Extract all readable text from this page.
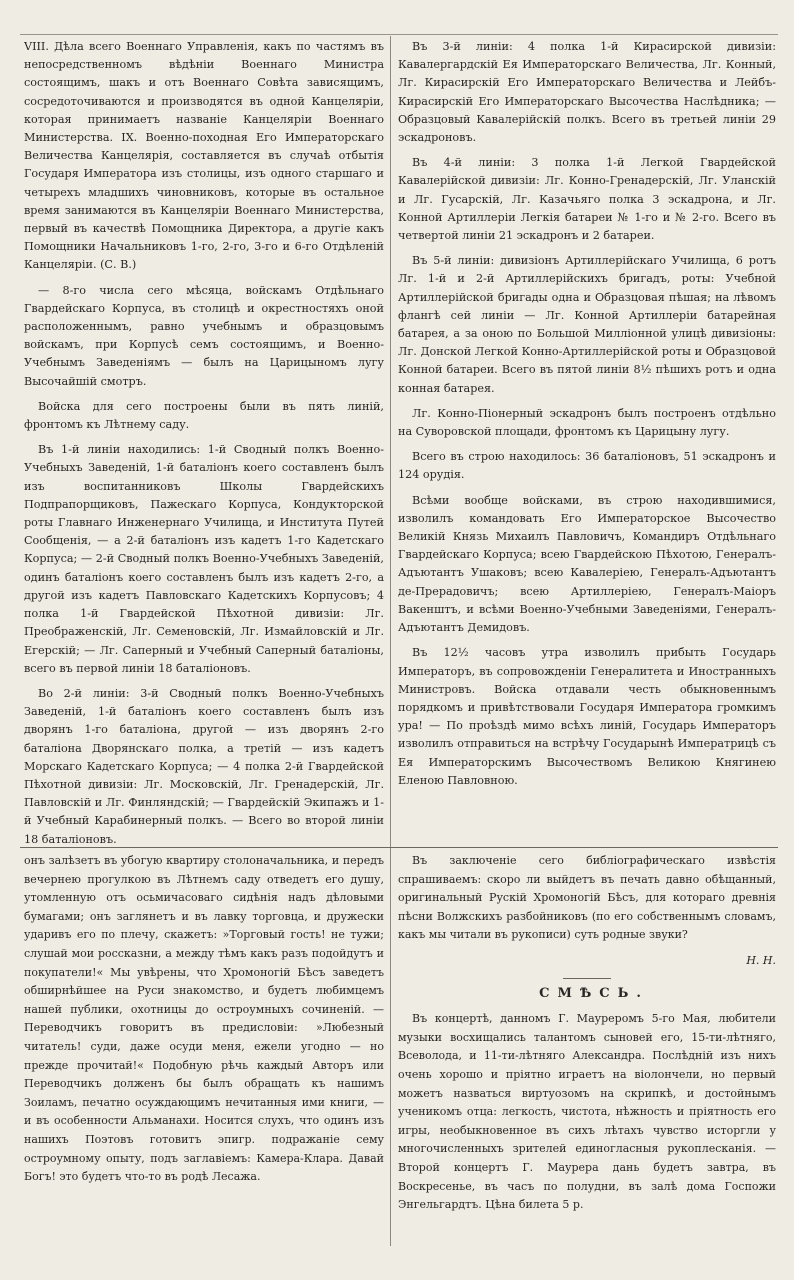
VIII. Дѣла всего Военнаго Управленія, какъ по частямъ въ непосредственномъ вѣдѣніи Военнаго Министра состоящимъ, шакъ и отъ Военнаго Совѣта зависящимъ, сосредоточиваются и производятся въ одной Канцеляріи, которая принимаетъ названіе Канцеляріи Военнаго Министерства. IX. Военно-походная Его Императорскаго Величества Канцелярія, составляется въ случаѣ отбытія Государя Императора изъ столицы, изъ одного старшаго и четырехъ младшихъ чиновниковъ, которые въ остальное время занимаются въ Канцеляріи Военнаго Министерства, первый въ качествѣ Помощника Директора, а другіе какъ Помощники Начальниковъ 1-го, 2-го, 3-го и 6-го Отдѣленій Канцеляріи. (С. В.)

— 8-го числа сего мѣсяца, войскамъ Отдѣльнаго Гвардейскаго Корпуса, въ столицѣ и окрестностяхъ оной расположеннымъ, равно учебнымъ и образцовымъ войскамъ, при Корпусѣ семъ состоящимъ, и Военно-Учебнымъ Заведеніямъ — былъ на Царицыномъ лугу Высочайшій смотръ.

Войска для сего построены были въ пять линій, фронтомъ къ Лѣтнему саду.

Въ 1-й линіи находились: 1-й Сводный полкъ Военно-Учебныхъ Заведеній, 1-й баталіонъ коего составленъ былъ изъ воспитанниковъ Школы Гвардейскихъ Подпрапорщиковъ, Пажескаго Корпуса, Кондукторской роты Главнаго Инженернаго Училища, и Института Путей Сообщенія, — а 2-й баталіонъ изъ кадетъ 1-го Кадетскаго Корпуса; — 2-й Сводный полкъ Военно-Учебныхъ Заведеній, одинъ баталіонъ коего составленъ былъ изъ кадетъ 2-го, а другой изъ кадетъ Павловскаго Кадетскихъ Корпусовъ; 4 полка 1-й Гвардейской Пѣхотной дивизіи: Лг. Преображенскій, Лг. Семеновскій, Лг. Измайловскій и Лг. Егерскій; — Лг. Саперный и Учебный Саперный баталіоны, всего въ первой линіи 18 баталіоновъ.

Во 2-й линіи: 3-й Сводный полкъ Военно-Учебныхъ Заведеній, 1-й баталіонъ коего составленъ былъ изъ дворянъ 1-го баталіона, другой — изъ дворянъ 2-го баталіона Дворянскаго полка, а третій — изъ кадетъ Морскаго Кадетскаго Корпуса; — 4 полка 2-й Гвардейской Пѣхотной дивизіи: Лг. Московскій, Лг. Гренадерскій, Лг. Павловскій и Лг. Финляндскій; — Гвардейскій Экипажъ и 1-й Учебный Карабинерный полкъ. — Всего во второй линіи 18 баталіоновъ.

Въ 3-й линіи: 4 полка 1-й Кирасирской дивизіи: Кавалергардскій Ея Императорскаго Величества, Лг. Конный, Лг. Кирасирскій Его Императорскаго Величества и Лейбъ-Кирасирскій Его Императорскаго Высочества Наслѣдника; — Образцовый Кавалерійскій полкъ. Всего въ третьей линіи 29 эскадроновъ.

Въ 4-й линіи: 3 полка 1-й Легкой Гвардейской Кавалерійской дивизіи: Лг. Конно-Гренадерскій, Лг. Уланскій и Лг. Гусарскій, Лг. Казачьяго полка 3 эскадрона, и Лг. Конной Артиллеріи Легкія батареи № 1-го и № 2-го. Всего въ четвертой линіи 21 эскадронъ и 2 батареи.

Въ 5-й линіи: дивизіонъ Артиллерійскаго Училища, 6 ротъ Лг. 1-й и 2-й Артиллерійскихъ бригадъ, роты: Учебной Артиллерійской бригады одна и Образцовая пѣшая; на лѣвомъ флангѣ сей линіи — Лг. Конной Артиллеріи батарейная батарея, а за оною по Большой Милліонной улицѣ дивизіоны: Лг. Донской Легкой Конно-Артиллерійской роты и Образцовой Конной батареи. Всего въ пятой линіи 8½ пѣшихъ ротъ и одна конная батарея.

Лг. Конно-Піонерный эскадронъ былъ построенъ отдѣльно на Суворовской площади, фронтомъ къ Царицыну лугу.

Всего въ строю находилось: 36 баталіоновъ, 51 эскадронъ и 124 орудія.

Всѣми вообще войсками, въ строю находившимися, изволилъ командовать Его Императорское Высочество Великій Князь Михаилъ Павловичъ, Командиръ Отдѣльнаго Гвардейскаго Корпуса; всею Гвардейскою Пѣхотою, Генералъ-Адъютантъ Ушаковъ; всею Кавалеріею, Генералъ-Адъютантъ де-Прерадовичъ; всею Артиллеріею, Генералъ-Маіоръ Вакенштъ, и всѣми Военно-Учебными Заведеніями, Генералъ-Адъютантъ Демидовъ.

Въ 12½ часовъ утра изволилъ прибыть Государь Императоръ, въ сопровожденіи Генералитета и Иностранныхъ Министровъ. Войска отдавали честь обыкновеннымъ порядкомъ и привѣтствовали Государя Императора громкимъ ура! — По проѣздѣ мимо всѣхъ линій, Государь Императоръ изволилъ отправиться на встрѣчу Государынѣ Императрицѣ съ Ея Императорскимъ Высочествомъ Великою Княгинею Еленою Павловною.

онъ залѣзетъ въ убогую квартиру столоначальника, и передъ вечернею прогулкою въ Лѣтнемъ саду отведетъ его душу, утомленную отъ осьмичасоваго сидѣнія надъ дѣловыми бумагами; онъ заглянетъ и въ лавку торговца, и дружески ударивъ его по плечу, скажетъ: »Торговый гость! не тужи; слушай мои россказни, а между тѣмъ какъ разъ подойдутъ и покупатели!« Мы увѣрены, что Хромоногій Бѣсъ заведетъ обширнѣйшее на Руси знакомство, и будетъ любимцемъ нашей публики, охотницы до остроумныхъ сочиненій. — Переводчикъ говоритъ въ предисловіи: »Любезный читатель! суди, даже осуди меня, ежели угодно — но прежде прочитай!« Подобную рѣчь каждый Авторъ или Переводчикъ долженъ бы былъ обращать къ нашимъ Зоиламъ, печатно осуждающимъ нечитанныя ими книги, — и въ особенности Альманахи. Носится слухъ, что одинъ изъ нашихъ Поэтовъ готовитъ эпигр. подражаніе сему остроумному опыту, подъ заглавіемъ: Камера-Клара. Давай Богъ! это будетъ что-то въ родѣ Лесажа.

Въ заключеніе сего библіографическаго извѣстія спрашиваемъ: скоро ли выйдетъ въ печать давно обѣщанный, оригинальный Рускій Хромоногій Бѣсъ, для котораго древнія пѣсни Волжскихъ разбойниковъ (по его собственнымъ словамъ, какъ мы читали въ рукописи) суть родные звуки?

Н. Н.

СМѢСЬ.

Въ концертѣ, данномъ Г. Маурeромъ 5-го Мая, любители музыки восхищались талантомъ сыновей его, 15-ти-лѣтняго, Всеволода, и 11-ти-лѣтняго Александра. Послѣдній изъ нихъ очень хорошо и пріятно играетъ на віолончели, но первый можетъ назваться виртуозомъ на скрипкѣ, и достойнымъ ученикомъ отца: легкость, чистота, нѣжность и пріятность его игры, необыкновенное въ сихъ лѣтахъ чувство исторгли у многочисленныхъ зрителей единогласныя рукоплесканія. — Второй концертъ Г. Маурера дань будетъ завтра, въ Воскресенье, въ часъ по полудни, въ залѣ дома Госпожи Энгельгардтъ. Цѣна билета 5 р.
